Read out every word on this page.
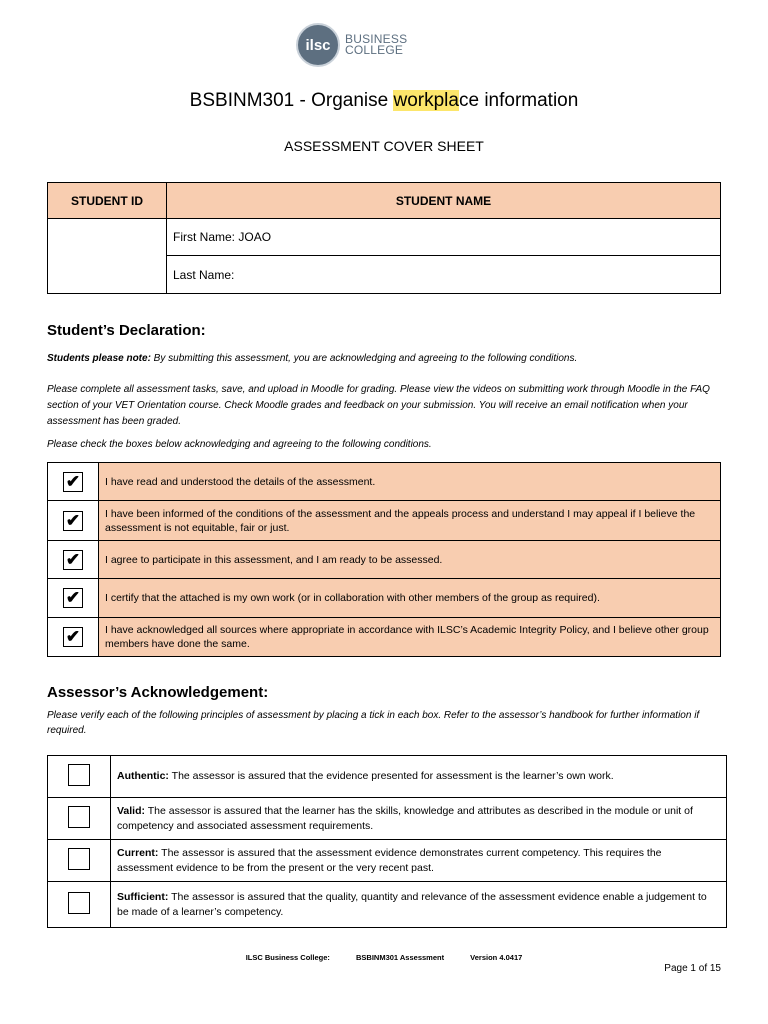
ilsc	BUSINESS
COLLEGE
BSBINM301 - Organise workplace information
ASSESSMENT COVER SHEET
STUDENT ID	STUDENT NAME
	First Name: JOAO
	Last Name:
Student’s Declaration:
Students please note: By submitting this assessment, you are acknowledging and agreeing to the following conditions.
Please complete all assessment tasks, save, and upload in Moodle for grading. Please view the videos on submitting work through Moodle in the FAQ section of your VET Orientation course. Check Moodle grades and feedback on your submission. You will receive an email notification when your assessment has been graded.
Please check the boxes below acknowledging and agreeing to the following conditions.
✔	I have read and understood the details of the assessment.
✔	I have been informed of the conditions of the assessment and the appeals process and understand I may appeal if I believe the assessment is not equitable, fair or just.
✔	I agree to participate in this assessment, and I am ready to be assessed.
✔	I certify that the attached is my own work (or in collaboration with other members of the group as required).
✔	I have acknowledged all sources where appropriate in accordance with ILSC’s Academic Integrity Policy, and I believe other group members have done the same.
Assessor’s Acknowledgement:
Please verify each of the following principles of assessment by placing a tick in each box. Refer to the assessor’s handbook for further information if required.
	Authentic: The assessor is assured that the evidence presented for assessment is the learner’s own work.
	Valid: The assessor is assured that the learner has the skills, knowledge and attributes as described in the module or unit of competency and associated assessment requirements.
	Current: The assessor is assured that the assessment evidence demonstrates current competency. This requires the assessment evidence to be from the present or the very recent past.
	Sufficient: The assessor is assured that the quality, quantity and relevance of the assessment evidence enable a judgement to be made of a learner’s competency.
ILSC Business College:	BSBINM301 Assessment	Version 4.0417
Page 1 of 15
